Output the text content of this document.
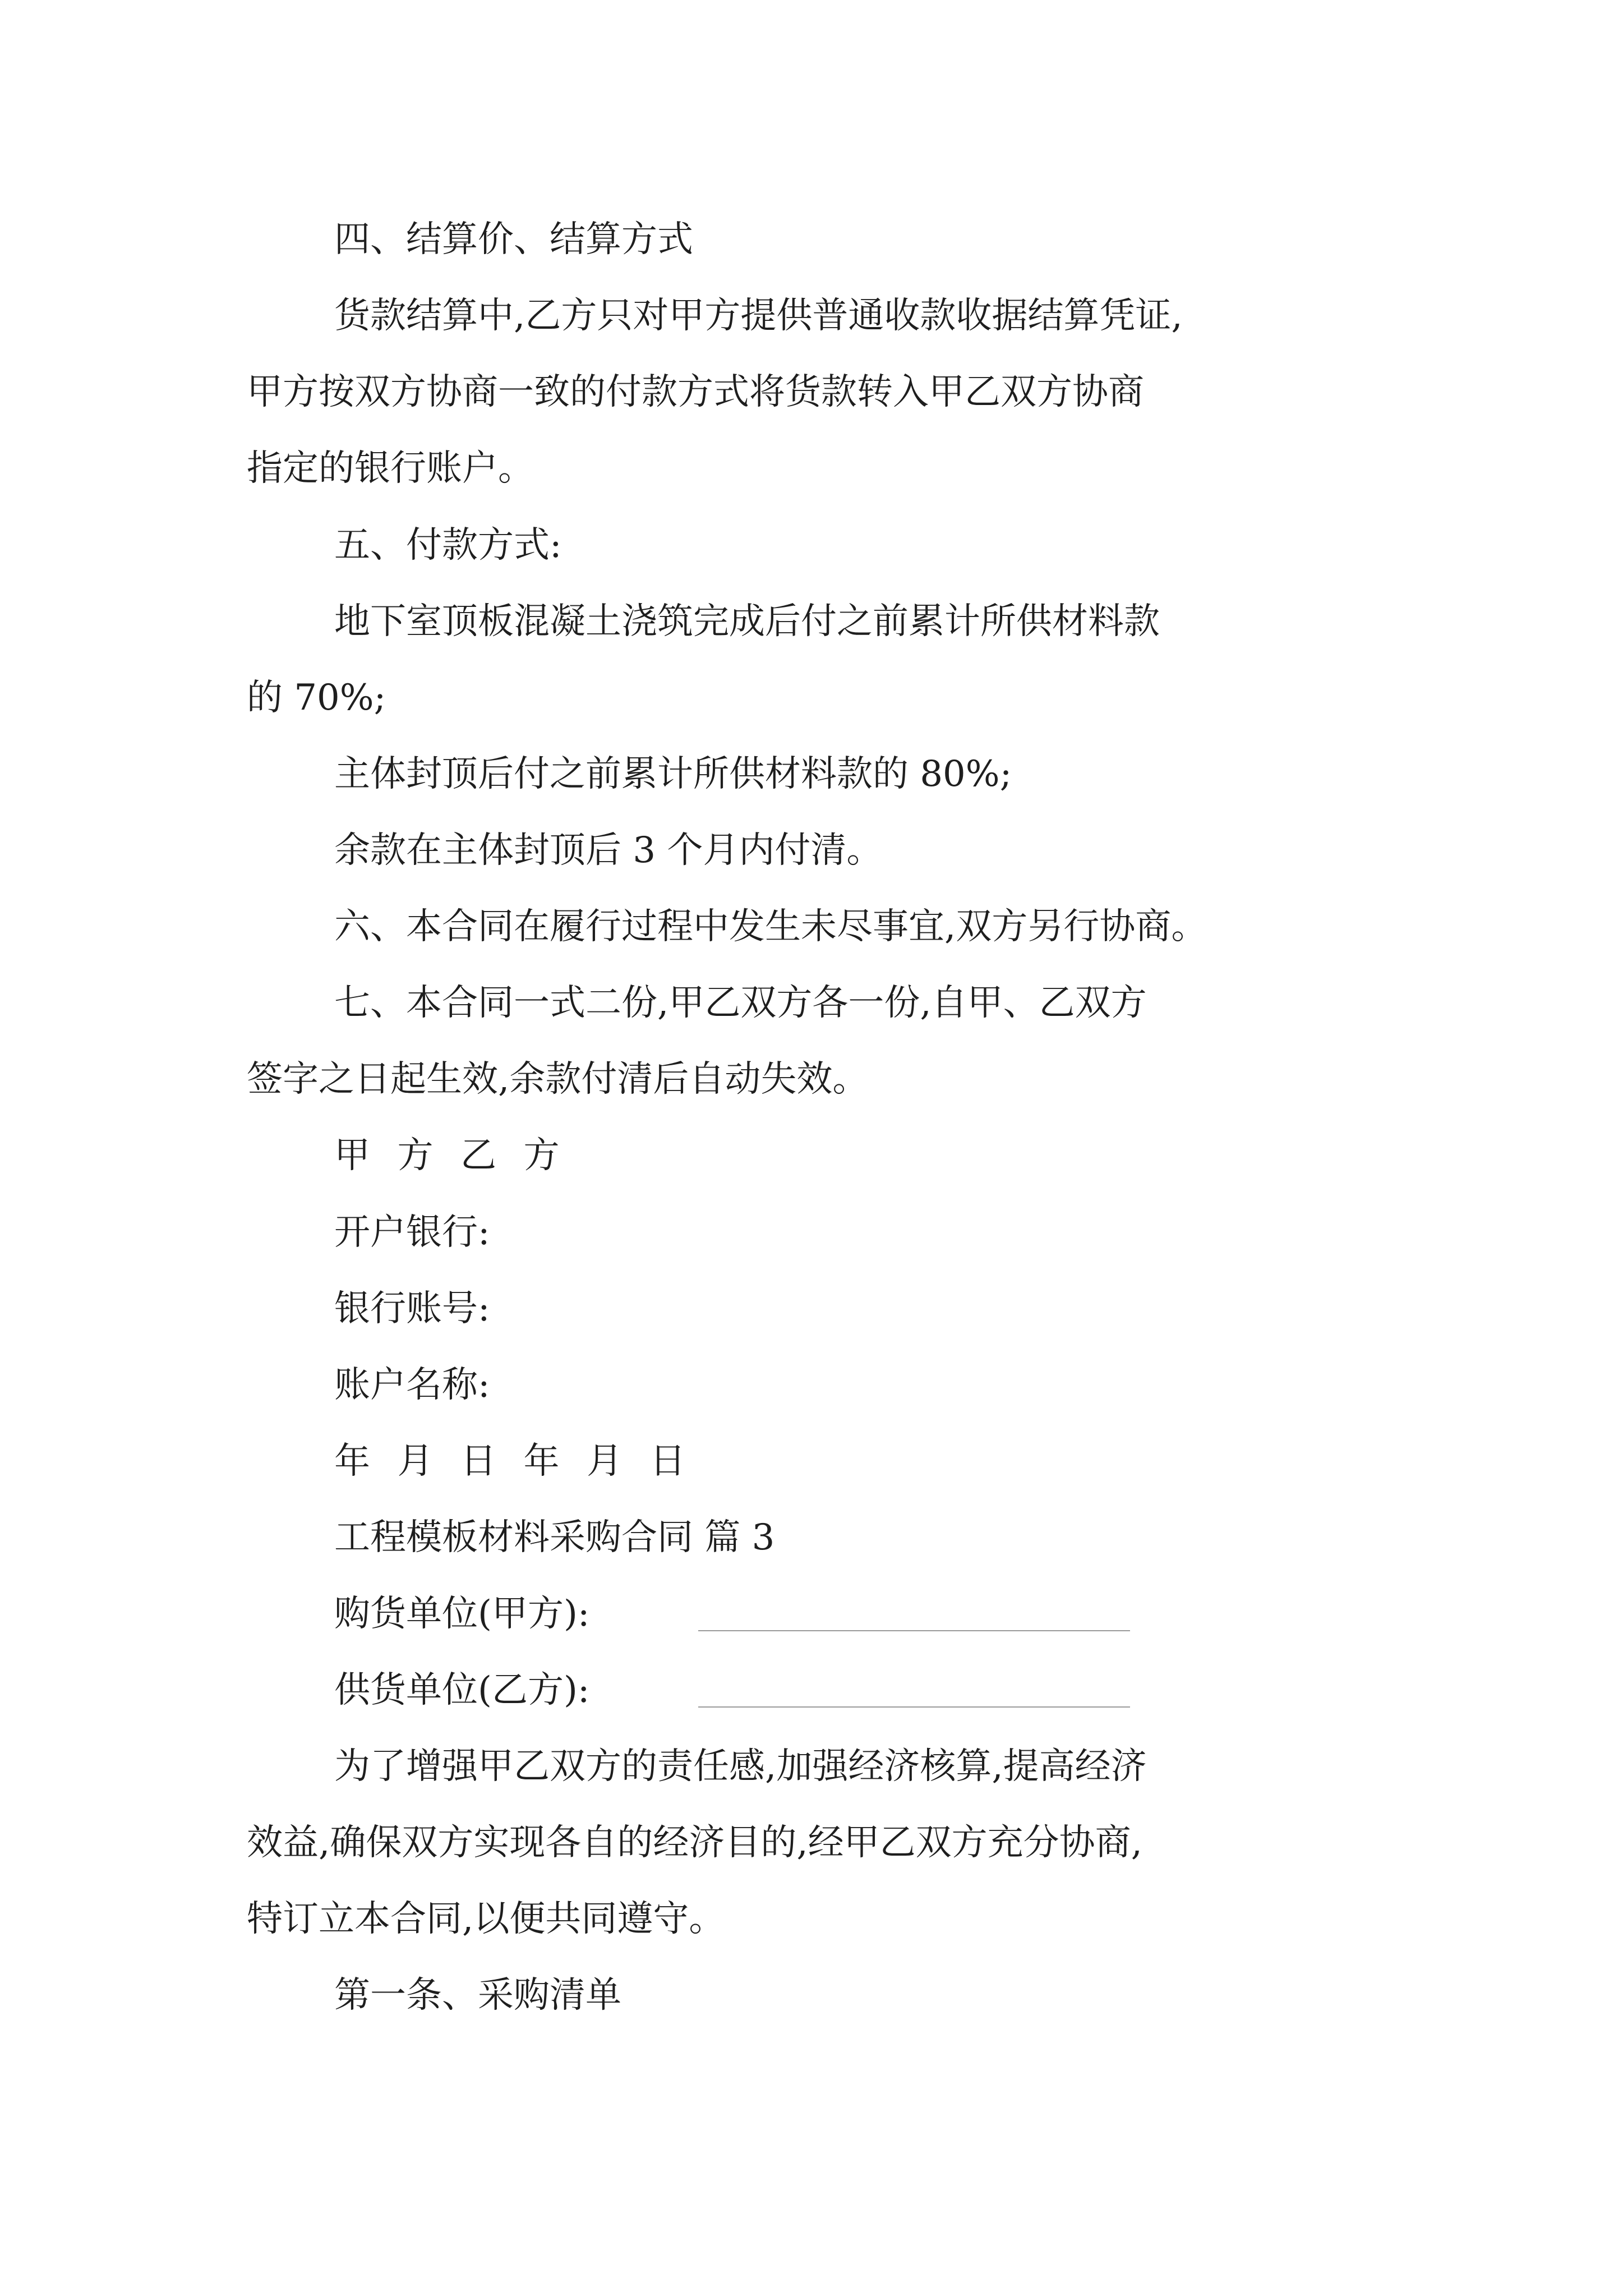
四、结算价、结算方式
货款结算中,乙方只对甲方提供普通收款收据结算凭证,
甲方按双方协商一致的付款方式将货款转入甲乙双方协商
指定的银行账户。
五、付款方式:
地下室顶板混凝土浇筑完成后付之前累计所供材料款
的 70%;
主体封顶后付之前累计所供材料款的 80%;
余款在主体封顶后 3 个月内付清。
六、本合同在履行过程中发生未尽事宜,双方另行协商。
七、本合同一式二份,甲乙双方各一份,自甲、乙双方
签字之日起生效,余款付清后自动失效。
甲 方 乙 方
开户银行:
银行账号:
账户名称:
年 月 日 年 月 日
工程模板材料采购合同 篇 3
购货单位(甲方):
供货单位(乙方):
为了增强甲乙双方的责任感,加强经济核算,提高经济
效益,确保双方实现各自的经济目的,经甲乙双方充分协商,
特订立本合同,以便共同遵守。
第一条、采购清单
